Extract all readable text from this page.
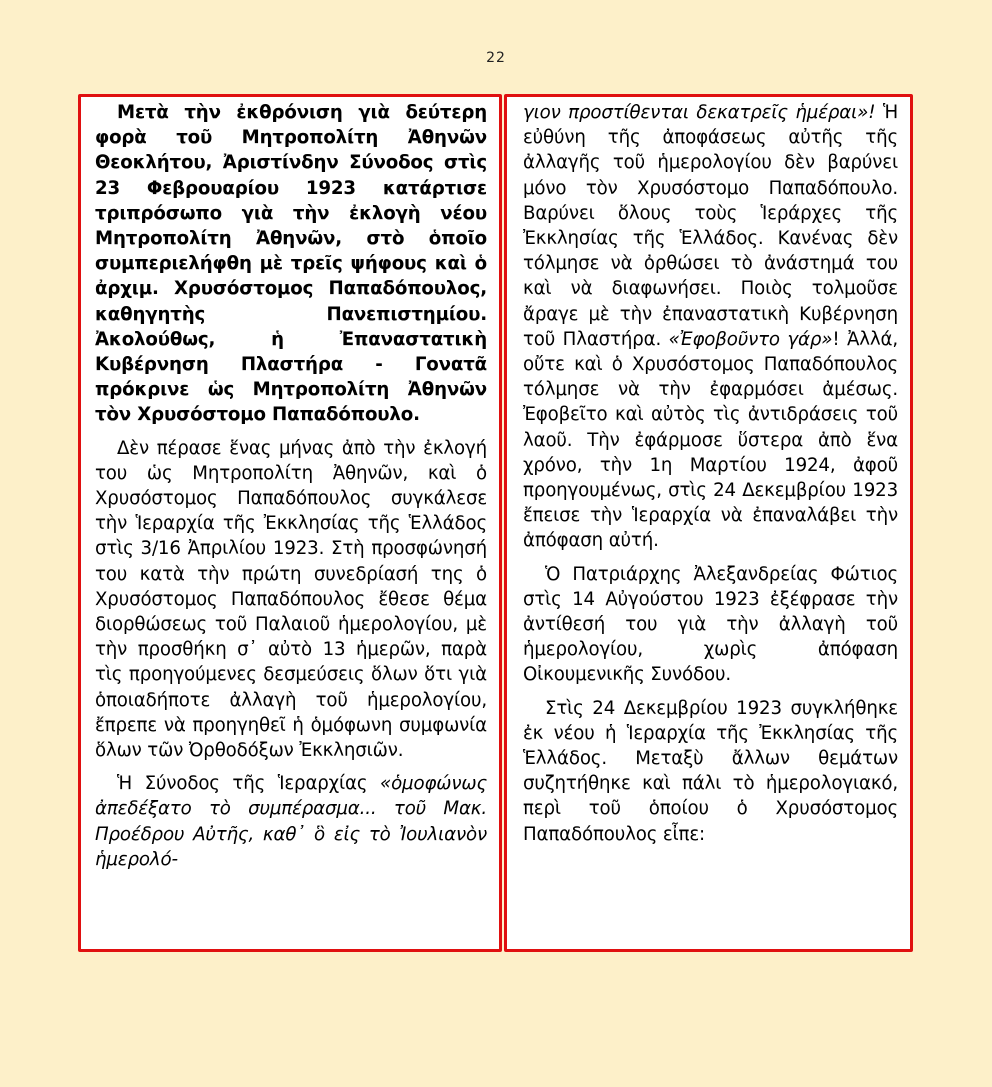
22

Μετὰ τὴν ἐκθρόνιση γιὰ δεύτερη φορὰ τοῦ Μητροπολίτη Ἀθηνῶν Θεοκλήτου, Ἀριστίνδην Σύνοδος στὶς 23 Φεβρουαρίου 1923 κατάρτισε τριπρόσωπο γιὰ τὴν ἐκλογὴ νέου Μητροπολίτη Ἀθηνῶν, στὸ ὁποῖο συμπεριελήφθη μὲ τρεῖς ψήφους καὶ ὁ ἀρχιμ. Χρυσόστομος Παπαδόπουλος, καθηγητὴς Πανεπιστημίου. Ἀκολούθως, ἡ Ἐπαναστατικὴ Κυβέρνηση Πλαστήρα - Γονατᾶ πρόκρινε ὡς Μητροπολίτη Ἀθηνῶν τὸν Χρυσόστομο Παπαδόπουλο.

Δὲν πέρασε ἕνας μήνας ἀπὸ τὴν ἐκλογή του ὡς Μητροπολίτη Ἀθηνῶν, καὶ ὁ Χρυσόστομος Παπαδόπουλος συγκάλεσε τὴν Ἱεραρχία τῆς Ἐκκλησίας τῆς Ἑλλάδος στὶς 3/16 Ἀπριλίου 1923. Στὴ προσφώνησή του κατὰ τὴν πρώτη συνεδρίασή της ὁ Χρυσόστομος Παπαδόπουλος ἔθεσε θέμα διορθώσεως τοῦ Παλαιοῦ ἡμερολογίου, μὲ τὴν προσθήκη σ᾽ αὐτὸ 13 ἡμερῶν, παρὰ τὶς προηγούμενες δεσμεύσεις ὅλων ὅτι γιὰ ὁποιαδήποτε ἀλλαγὴ τοῦ ἡμερολογίου, ἔπρεπε νὰ προηγηθεῖ ἡ ὁμόφωνη συμφωνία ὅλων τῶν Ὀρθοδόξων Ἐκκλησιῶν.

Ἡ Σύνοδος τῆς Ἱεραρχίας «ὁμοφώνως ἀπεδέξατο τὸ συμπέρασμα... τοῦ Μακ. Προέδρου Αὐτῆς, καθ᾽ ὃ εἰς τὸ Ἰουλιανὸν ἡμερολό-

γιον προστίθενται δεκατρεῖς ἡμέραι»! Ἡ εὐθύνη τῆς ἀποφάσεως αὐτῆς τῆς ἀλλαγῆς τοῦ ἡμερολογίου δὲν βαρύνει μόνο τὸν Χρυσόστομο Παπαδόπουλο. Βαρύνει ὅλους τοὺς Ἱεράρχες τῆς Ἐκκλησίας τῆς Ἑλλάδος. Κανένας δὲν τόλμησε νὰ ὀρθώσει τὸ ἀνάστημά του καὶ νὰ διαφωνήσει. Ποιὸς τολμοῦσε ἄραγε μὲ τὴν ἐπαναστατικὴ Κυβέρνηση τοῦ Πλαστήρα. «Ἐφοβοῦντο γάρ»! Ἀλλά, οὔτε καὶ ὁ Χρυσόστομος Παπαδόπουλος τόλμησε νὰ τὴν ἐφαρμόσει ἀμέσως. Ἐφοβεῖτο καὶ αὐτὸς τὶς ἀντιδράσεις τοῦ λαοῦ. Τὴν ἐφάρμοσε ὕστερα ἀπὸ ἕνα χρόνο, τὴν 1η Μαρτίου 1924, ἀφοῦ προηγουμένως, στὶς 24 Δεκεμβρίου 1923 ἔπεισε τὴν Ἱεραρχία νὰ ἐπαναλάβει τὴν ἀπόφαση αὐτή.

Ὁ Πατριάρχης Ἀλεξανδρείας Φώτιος στὶς 14 Αὐγούστου 1923 ἐξέφρασε τὴν ἀντίθεσή του γιὰ τὴν ἀλλαγὴ τοῦ ἡμερολογίου, χωρὶς ἀπόφαση Οἰκουμενικῆς Συνόδου.

Στὶς 24 Δεκεμβρίου 1923 συγκλήθηκε ἐκ νέου ἡ Ἱεραρχία τῆς Ἐκκλησίας τῆς Ἑλλάδος. Μεταξὺ ἄλλων θεμάτων συζητήθηκε καὶ πάλι τὸ ἡμερολογιακό, περὶ τοῦ ὁποίου ὁ Χρυσόστομος Παπαδόπουλος εἶπε:
